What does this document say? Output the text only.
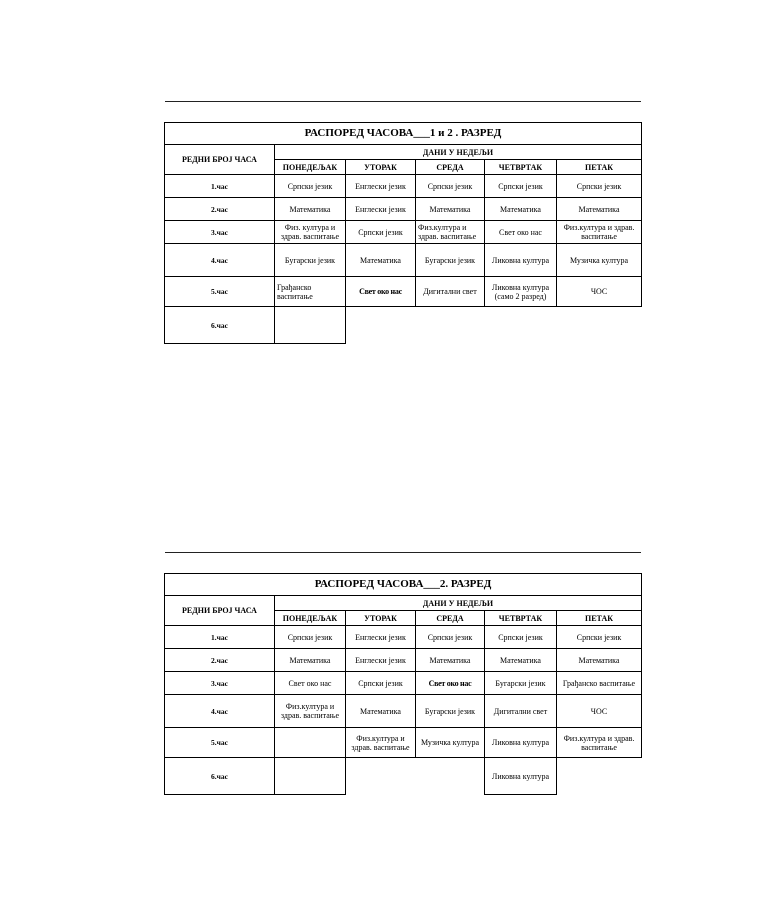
РАСПОРЕД ЧАСОВА___1 и 2 . РАЗРЕД					
РЕДНИ БРОЈ ЧАСА	ДАНИ У НЕДЕЉИ				
	ПОНЕДЕЉАК	УТОРАК	СРЕДА	ЧЕТВРТАК	ПЕТАК
1.час	Српски језик	Енглески језик	Српски језик	Српски језик	Српски језик
2.час	Математика	Енглески језик	Математика	Математика	Математика
3.час	Физ. култура и здрав. васпитање	Српски језик	Физ.култура и здрав. васпитање	Свет око нас	Физ.култура и здрав. васпитање
4.час	Бугарски језик	Математика	Бугарски језик	Ликовна култура	Музичка култура
5.час	Грађанско васпитање	Свет око нас	Дигитални свет	Ликовна култура (само 2 разред)	ЧОС
6.час					
РАСПОРЕД ЧАСОВА___2. РАЗРЕД					
РЕДНИ БРОЈ ЧАСА	ДАНИ У НЕДЕЉИ				
	ПОНЕДЕЉАК	УТОРАК	СРЕДА	ЧЕТВРТАК	ПЕТАК
1.час	Српски језик	Енглески језик	Српски језик	Српски језик	Српски језик
2.час	Математика	Енглески језик	Математика	Математика	Математика
3.час	Свет око нас	Српски језик	Свет око нас	Бугарски језик	Грађанско васпитање
4.час	Физ.култура и здрав. васпитање	Математика	Бугарски језик	Дигитални свет	ЧОС
5.час		Физ.култура и здрав. васпитање	Музичка култура	Ликовна култура	Физ.култура и здрав. васпитање
6.час				Ликовна култура	
